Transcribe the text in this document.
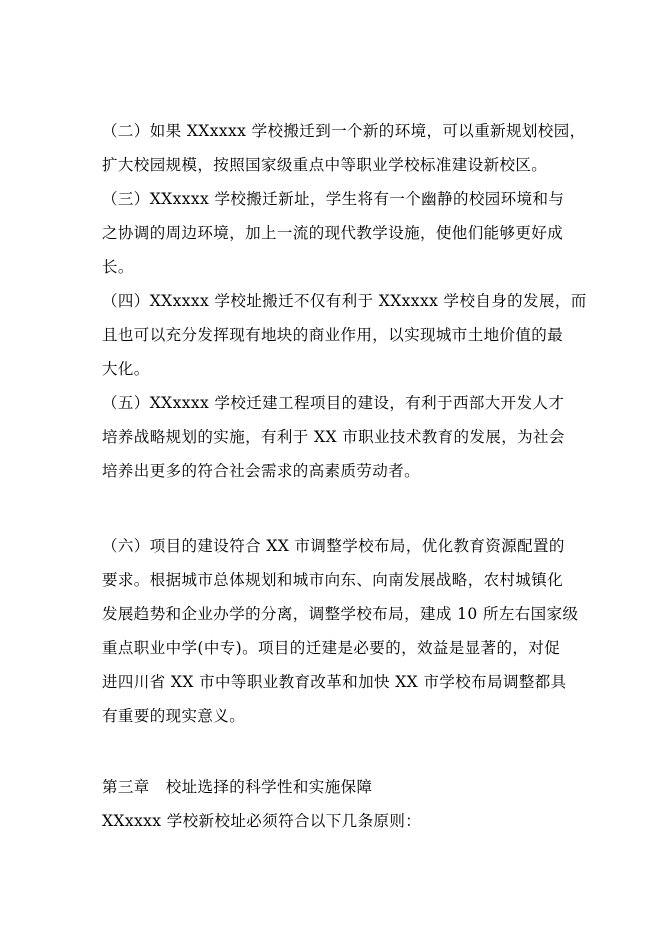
（二）如果 XXxxxx 学校搬迁到一个新的环境，可以重新规划校园，
扩大校园规模，按照国家级重点中等职业学校标准建设新校区。
（三）XXxxxx 学校搬迁新址，学生将有一个幽静的校园环境和与
之协调的周边环境，加上一流的现代教学设施，使他们能够更好成
长。
（四）XXxxxx 学校址搬迁不仅有利于 XXxxxx 学校自身的发展，而
且也可以充分发挥现有地块的商业作用，以实现城市土地价值的最
大化。
（五）XXxxxx 学校迁建工程项目的建设，有利于西部大开发人才
培养战略规划的实施，有利于 XX 市职业技术教育的发展，为社会
培养出更多的符合社会需求的高素质劳动者。
（六）项目的建设符合 XX 市调整学校布局，优化教育资源配置的
要求。根据城市总体规划和城市向东、向南发展战略，农村城镇化
发展趋势和企业办学的分离，调整学校布局，建成 10 所左右国家级
重点职业中学(中专)。项目的迁建是必要的，效益是显著的，对促
进四川省 XX 市中等职业教育改革和加快 XX 市学校布局调整都具
有重要的现实意义。
第三章 校址选择的科学性和实施保障
XXxxxx 学校新校址必须符合以下几条原则：
